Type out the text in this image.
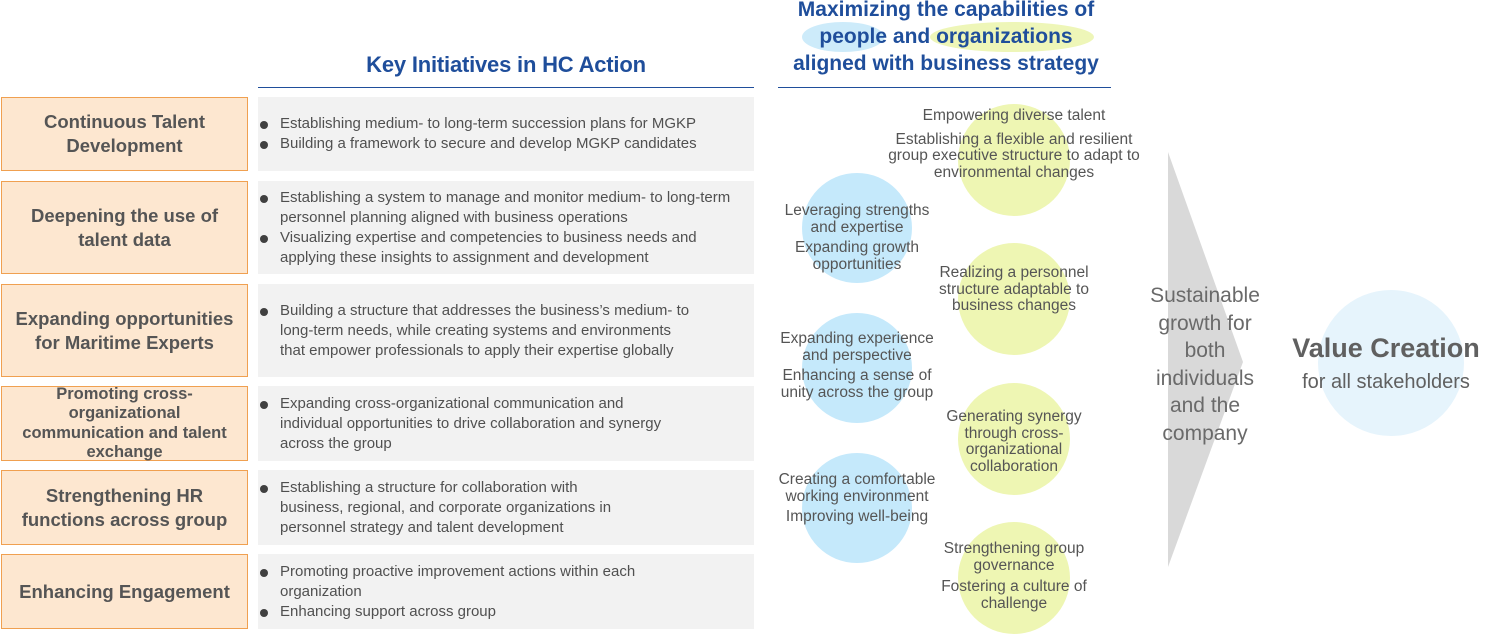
Key Initiatives in HC Action
Maximizing the capabilities of
people and organizations
aligned with business strategy
Continuous Talent Development
Deepening the use of talent data
Expanding opportunities for Maritime Experts
Promoting cross-organizational communication and talent exchange
Strengthening HR functions across group
Enhancing Engagement
Establishing medium- to long-term succession plans for MGKP
Building a framework to secure and develop MGKP candidates
Establishing a system to manage and monitor medium- to long-term personnel planning aligned with business operations
Visualizing expertise and competencies to business needs and applying these insights to assignment and development
Building a structure that addresses the business’s medium- to long-term needs, while creating systems and environments that empower professionals to apply their expertise globally
Expanding cross-organizational communication and individual opportunities to drive collaboration and synergy across the group
Establishing a structure for collaboration with business, regional, and corporate organizations in personnel strategy and talent development
Promoting proactive improvement actions within each organization
Enhancing support across group
Leveraging strengths and expertise
Expanding growth opportunities
Expanding experience and perspective
Enhancing a sense of unity across the group
Creating a comfortable working environment
Improving well-being
Empowering diverse talent
Establishing a flexible and resilient group executive structure to adapt to environmental changes
Realizing a personnel structure adaptable to business changes
Generating synergy through cross-organizational collaboration
Strengthening group governance
Fostering a culture of challenge
Sustainable growth for both individuals and the company
Value Creation
for all stakeholders
